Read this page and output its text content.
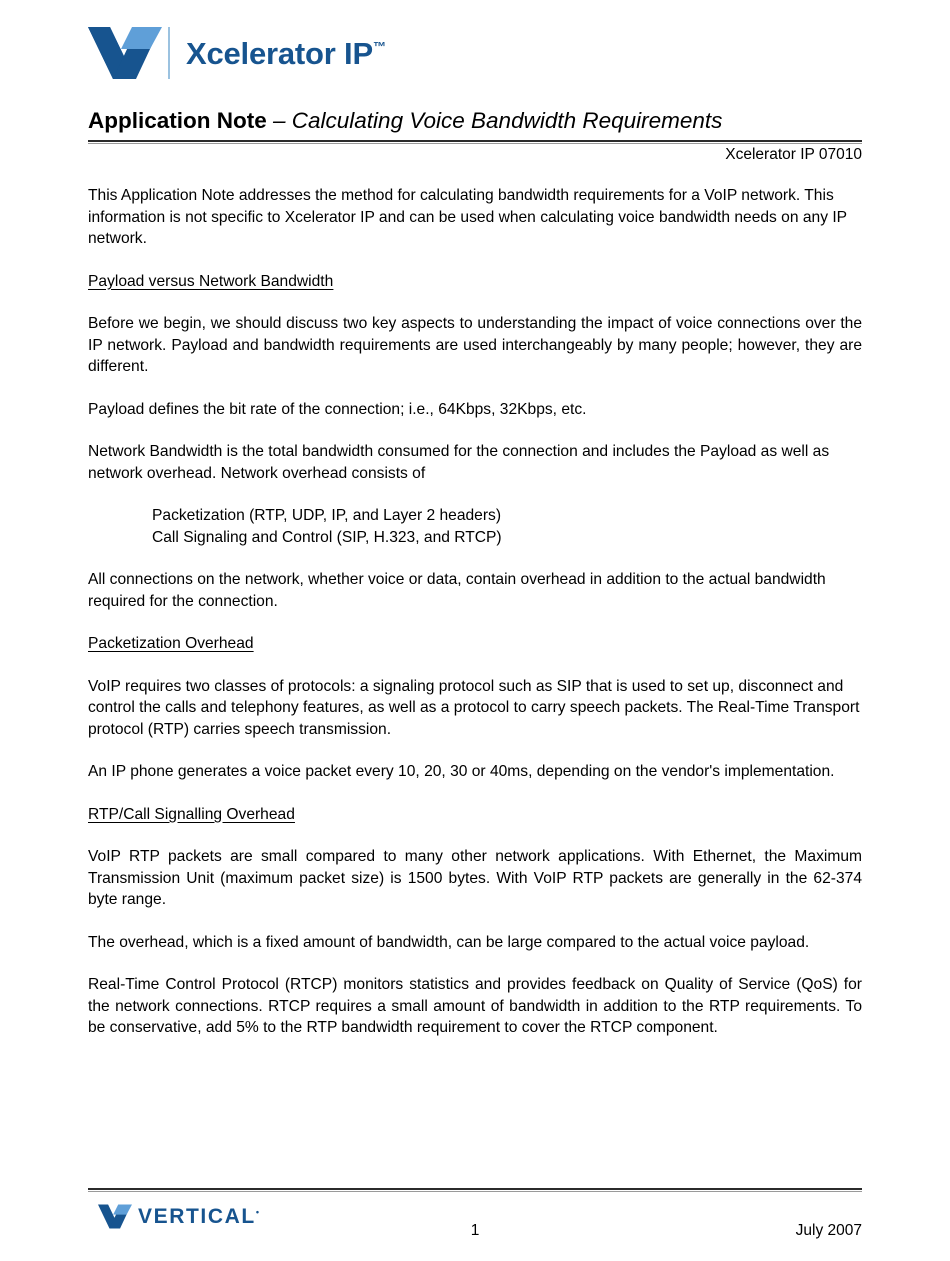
Xcelerator IP™
Application Note – Calculating Voice Bandwidth Requirements
Xcelerator IP 07010

This Application Note addresses the method for calculating bandwidth requirements for a VoIP network. This information is not specific to Xcelerator IP and can be used when calculating voice bandwidth needs on any IP network.

Payload versus Network Bandwidth

Before we begin, we should discuss two key aspects to understanding the impact of voice connections over the IP network. Payload and bandwidth requirements are used interchangeably by many people; however, they are different.

Payload defines the bit rate of the connection; i.e., 64Kbps, 32Kbps, etc.

Network Bandwidth is the total bandwidth consumed for the connection and includes the Payload as well as network overhead. Network overhead consists of

Packetization (RTP, UDP, IP, and Layer 2 headers)
Call Signaling and Control (SIP, H.323, and RTCP)

All connections on the network, whether voice or data, contain overhead in addition to the actual bandwidth required for the connection.

Packetization Overhead

VoIP requires two classes of protocols: a signaling protocol such as SIP that is used to set up, disconnect and control the calls and telephony features, as well as a protocol to carry speech packets. The Real-Time Transport protocol (RTP) carries speech transmission.

An IP phone generates a voice packet every 10, 20, 30 or 40ms, depending on the vendor's implementation.

RTP/Call Signalling Overhead

VoIP RTP packets are small compared to many other network applications. With Ethernet, the Maximum Transmission Unit (maximum packet size) is 1500 bytes. With VoIP RTP packets are generally in the 62-374 byte range.

The overhead, which is a fixed amount of bandwidth, can be large compared to the actual voice payload.

Real-Time Control Protocol (RTCP) monitors statistics and provides feedback on Quality of Service (QoS) for the network connections. RTCP requires a small amount of bandwidth in addition to the RTP requirements. To be conservative, add 5% to the RTP bandwidth requirement to cover the RTCP component.

VERTICAL•
1	July 2007
